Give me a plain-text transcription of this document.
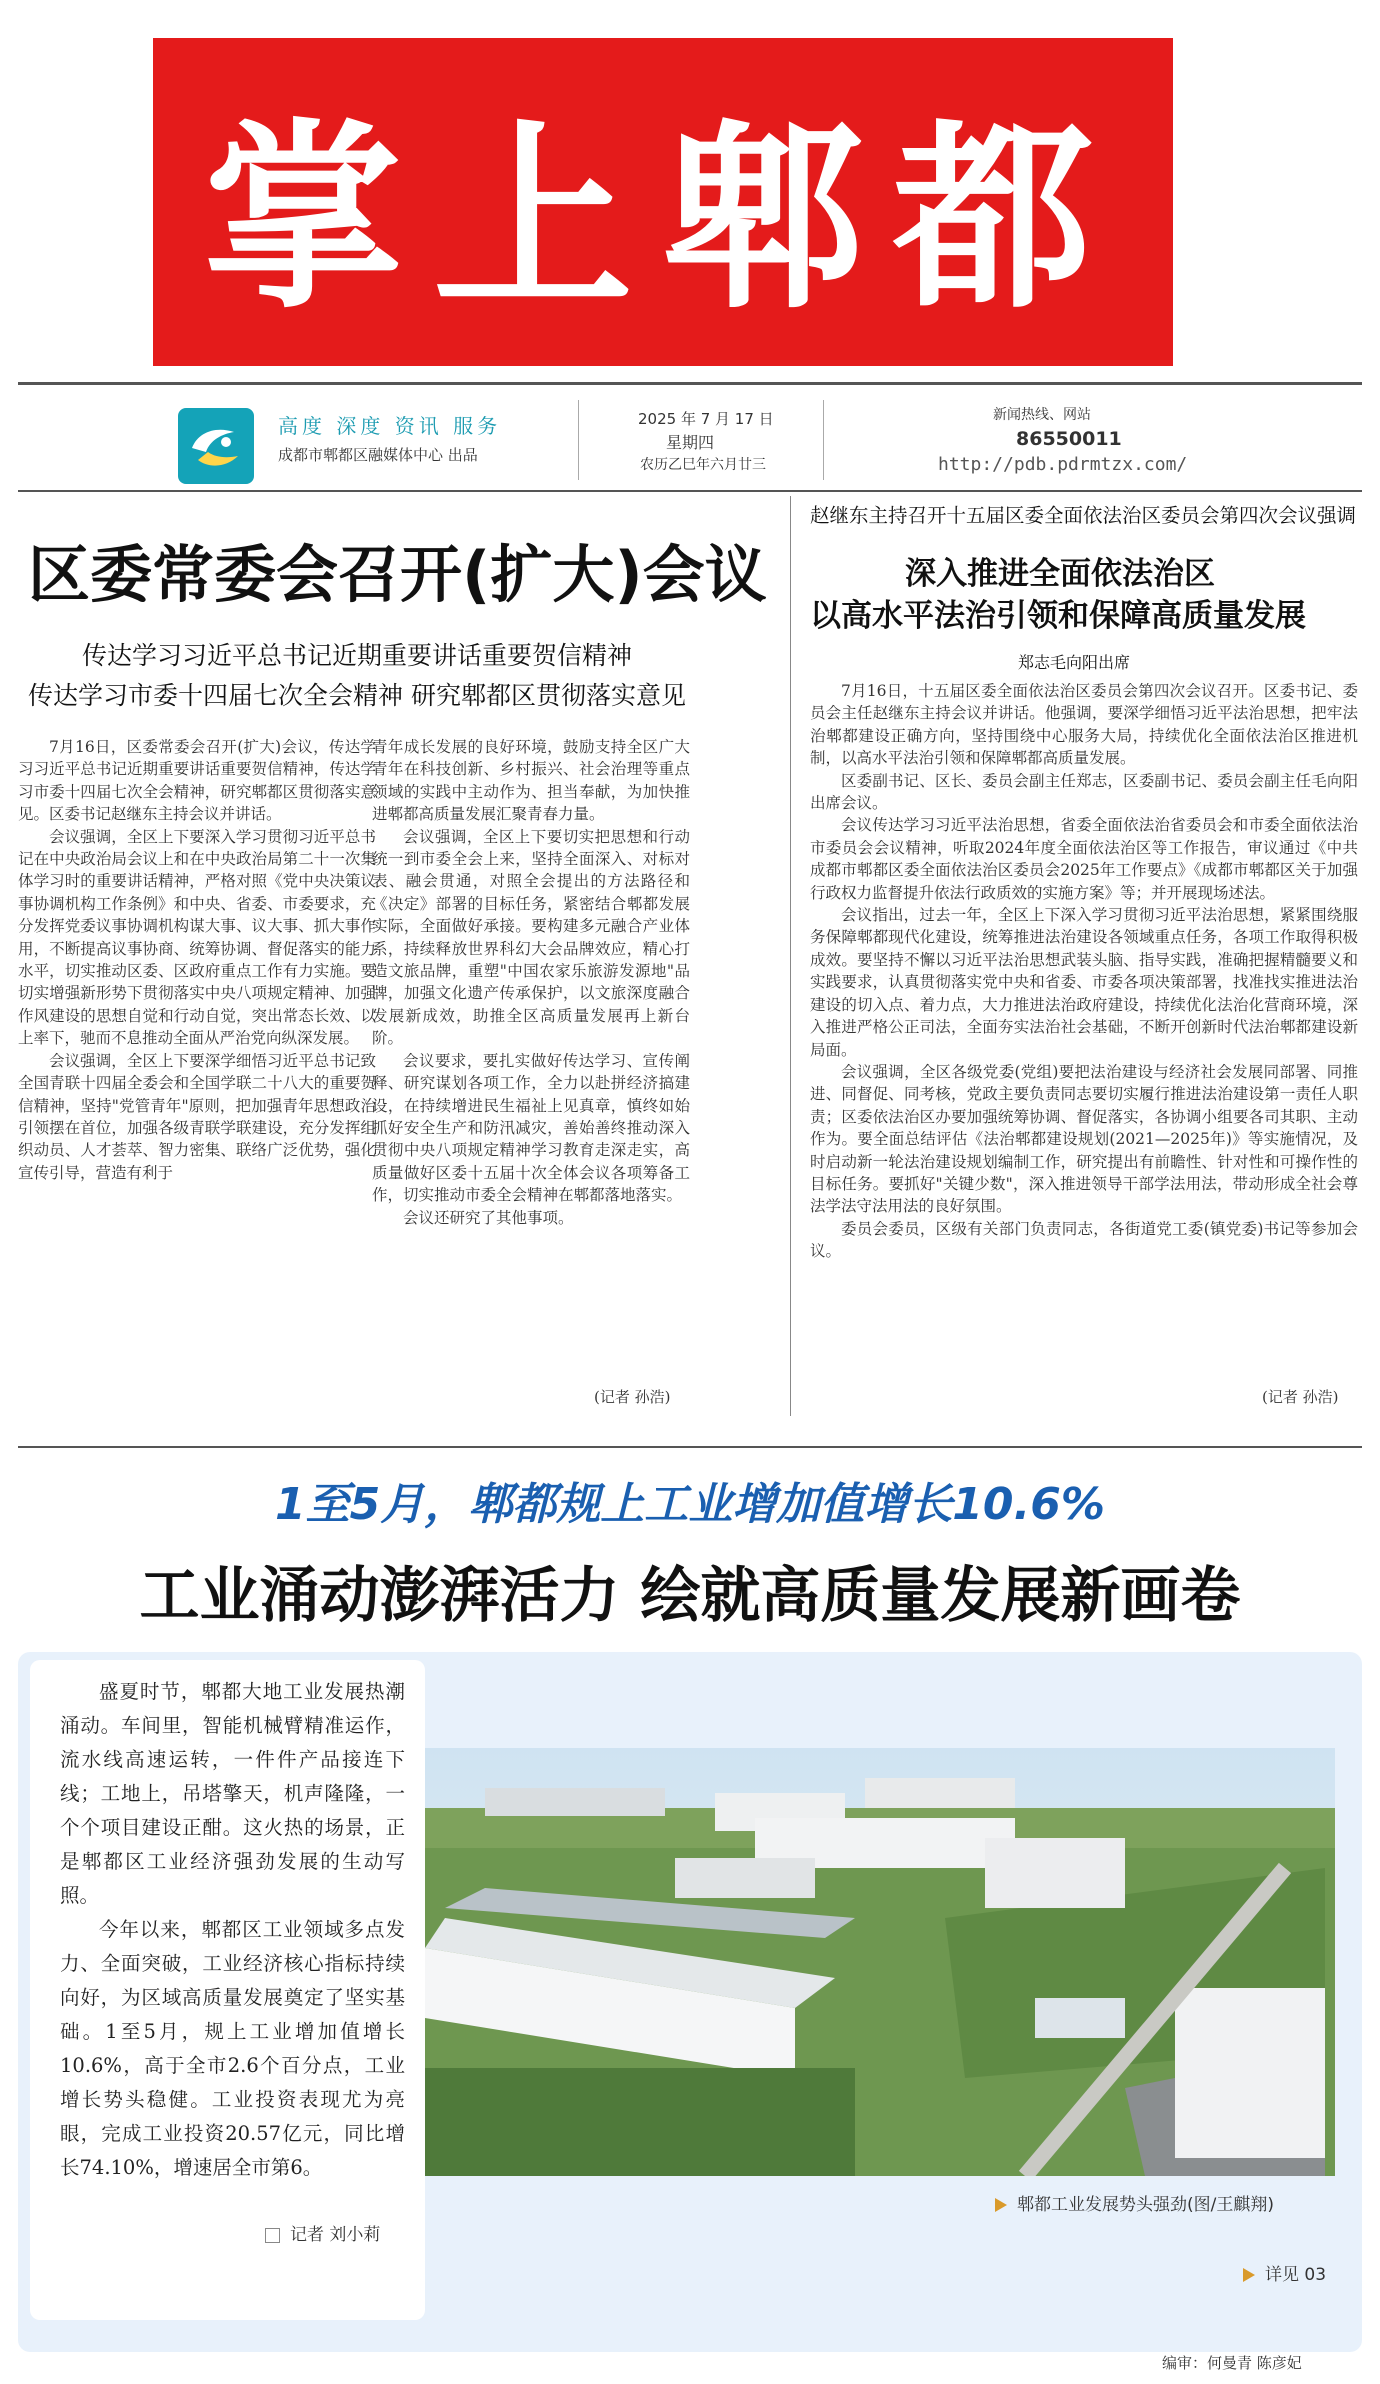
掌上郫都
高度 深度 资讯 服务
成都市郫都区融媒体中心 出品
2025 年 7 月 17 日
星期四
农历乙巳年六月廿三
新闻热线、网站
86550011
http://pdb.pdrmtzx.com/
区委常委会召开(扩大)会议
传达学习习近平总书记近期重要讲话重要贺信精神
传达学习市委十四届七次全会精神 研究郫都区贯彻落实意见

7月16日，区委常委会召开(扩大)会议，传达学习习近平总书记近期重要讲话重要贺信精神，传达学习市委十四届七次全会精神，研究郫都区贯彻落实意见。区委书记赵继东主持会议并讲话。

会议强调，全区上下要深入学习贯彻习近平总书记在中央政治局会议上和在中央政治局第二十一次集体学习时的重要讲话精神，严格对照《党中央决策议事协调机构工作条例》和中央、省委、市委要求，充分发挥党委议事协调机构谋大事、议大事、抓大事作用，不断提高议事协商、统筹协调、督促落实的能力水平，切实推动区委、区政府重点工作有力实施。要切实增强新形势下贯彻落实中央八项规定精神、加强作风建设的思想自觉和行动自觉，突出常态长效、以上率下，驰而不息推动全面从严治党向纵深发展。

会议强调，全区上下要深学细悟习近平总书记致全国青联十四届全委会和全国学联二十八大的重要贺信精神，坚持"党管青年"原则，把加强青年思想政治引领摆在首位，加强各级青联学联建设，充分发挥组织动员、人才荟萃、智力密集、联络广泛优势，强化宣传引导，营造有利于

青年成长发展的良好环境，鼓励支持全区广大青年在科技创新、乡村振兴、社会治理等重点领域的实践中主动作为、担当奉献，为加快推进郫都高质量发展汇聚青春力量。

会议强调，全区上下要切实把思想和行动统一到市委全会上来，坚持全面深入、对标对表、融会贯通，对照全会提出的方法路径和《决定》部署的目标任务，紧密结合郫都发展实际，全面做好承接。要构建多元融合产业体系，持续释放世界科幻大会品牌效应，精心打造文旅品牌，重塑"中国农家乐旅游发源地"品牌，加强文化遗产传承保护，以文旅深度融合发展新成效，助推全区高质量发展再上新台阶。

会议要求，要扎实做好传达学习、宣传阐释、研究谋划各项工作，全力以赴拼经济搞建设，在持续增进民生福祉上见真章，慎终如始抓好安全生产和防汛减灾，善始善终推动深入贯彻中央八项规定精神学习教育走深走实，高质量做好区委十五届十次全体会议各项筹备工作，切实推动市委全会精神在郫都落地落实。

会议还研究了其他事项。

(记者 孙浩)
赵继东主持召开十五届区委全面依法治区委员会第四次会议强调
深入推进全面依法治区
以高水平法治引领和保障高质量发展
郑志毛向阳出席

7月16日，十五届区委全面依法治区委员会第四次会议召开。区委书记、委员会主任赵继东主持会议并讲话。他强调，要深学细悟习近平法治思想，把牢法治郫都建设正确方向，坚持围绕中心服务大局，持续优化全面依法治区推进机制，以高水平法治引领和保障郫都高质量发展。

区委副书记、区长、委员会副主任郑志，区委副书记、委员会副主任毛向阳出席会议。

会议传达学习习近平法治思想，省委全面依法治省委员会和市委全面依法治市委员会会议精神，听取2024年度全面依法治区等工作报告，审议通过《中共成都市郫都区委全面依法治区委员会2025年工作要点》《成都市郫都区关于加强行政权力监督提升依法行政质效的实施方案》等；并开展现场述法。

会议指出，过去一年，全区上下深入学习贯彻习近平法治思想，紧紧围绕服务保障郫都现代化建设，统筹推进法治建设各领域重点任务，各项工作取得积极成效。要坚持不懈以习近平法治思想武装头脑、指导实践，准确把握精髓要义和实践要求，认真贯彻落实党中央和省委、市委各项决策部署，找准找实推进法治建设的切入点、着力点，大力推进法治政府建设，持续优化法治化营商环境，深入推进严格公正司法，全面夯实法治社会基础，不断开创新时代法治郫都建设新局面。

会议强调，全区各级党委(党组)要把法治建设与经济社会发展同部署、同推进、同督促、同考核，党政主要负责同志要切实履行推进法治建设第一责任人职责；区委依法治区办要加强统筹协调、督促落实，各协调小组要各司其职、主动作为。要全面总结评估《法治郫都建设规划(2021—2025年)》等实施情况，及时启动新一轮法治建设规划编制工作，研究提出有前瞻性、针对性和可操作性的目标任务。要抓好"关键少数"，深入推进领导干部学法用法，带动形成全社会尊法学法守法用法的良好氛围。

委员会委员，区级有关部门负责同志，各街道党工委(镇党委)书记等参加会议。

(记者 孙浩)
1至5月，郫都规上工业增加值增长10.6%
工业涌动澎湃活力 绘就高质量发展新画卷

盛夏时节，郫都大地工业发展热潮涌动。车间里，智能机械臂精准运作，流水线高速运转，一件件产品接连下线；工地上，吊塔擎天，机声隆隆，一个个项目建设正酣。这火热的场景，正是郫都区工业经济强劲发展的生动写照。

今年以来，郫都区工业领域多点发力、全面突破，工业经济核心指标持续向好，为区域高质量发展奠定了坚实基础。1至5月，规上工业增加值增长10.6%，高于全市2.6个百分点，工业增长势头稳健。工业投资表现尤为亮眼，完成工业投资20.57亿元，同比增长74.10%，增速居全市第6。

记者 刘小莉
郫都工业发展势头强劲(图/王麒翔)
详见 03
编审：何曼青 陈彦妃
